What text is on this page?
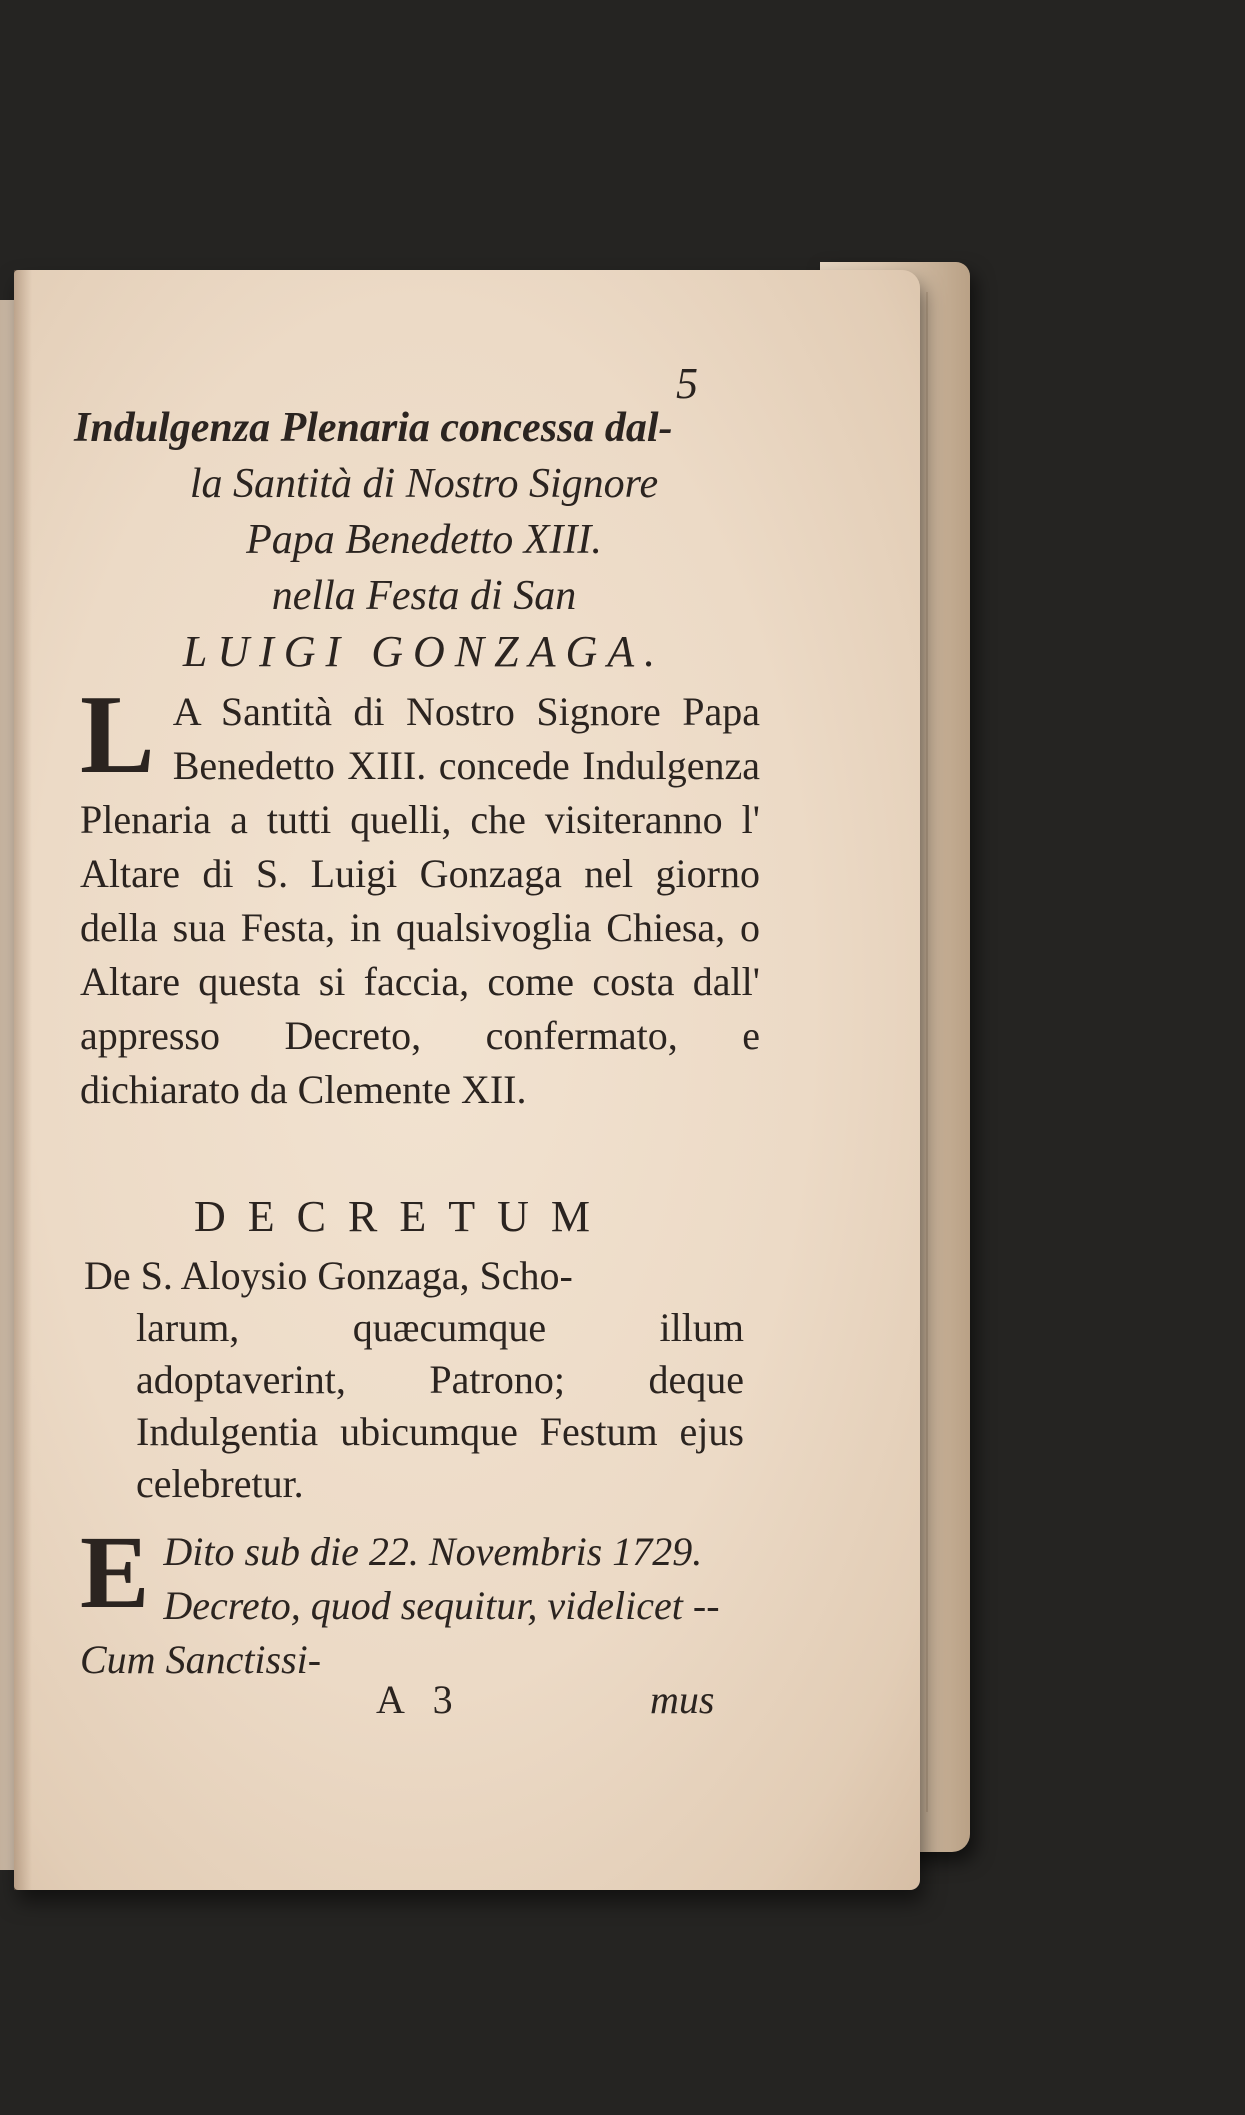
5
Indulgenza Plenaria concessa dal-
la Santità di Nostro Signore
Papa Benedetto XIII.
nella Festa di San
LUIGI GONZAGA.
L A Santità di Nostro Signore Papa Benedetto XIII. concede Indulgenza Plenaria a tutti quelli, che visiteranno l' Altare di S. Luigi Gonzaga nel giorno della sua Festa, in qualsivoglia Chiesa, o Altare questa si faccia, come costa dall' appresso Decreto, confermato, e dichiarato da Clemente XII.
DECRETUM
De S. Aloysio Gonzaga, Scho-
larum, quæcumque illum adoptaverint, Patrono; deque Indulgentia ubicumque Festum ejus celebretur.
E Dito sub die 22. Novembris 1729. Decreto, quod sequitur, videlicet -- Cum Sanctissi-
A 3	mus
